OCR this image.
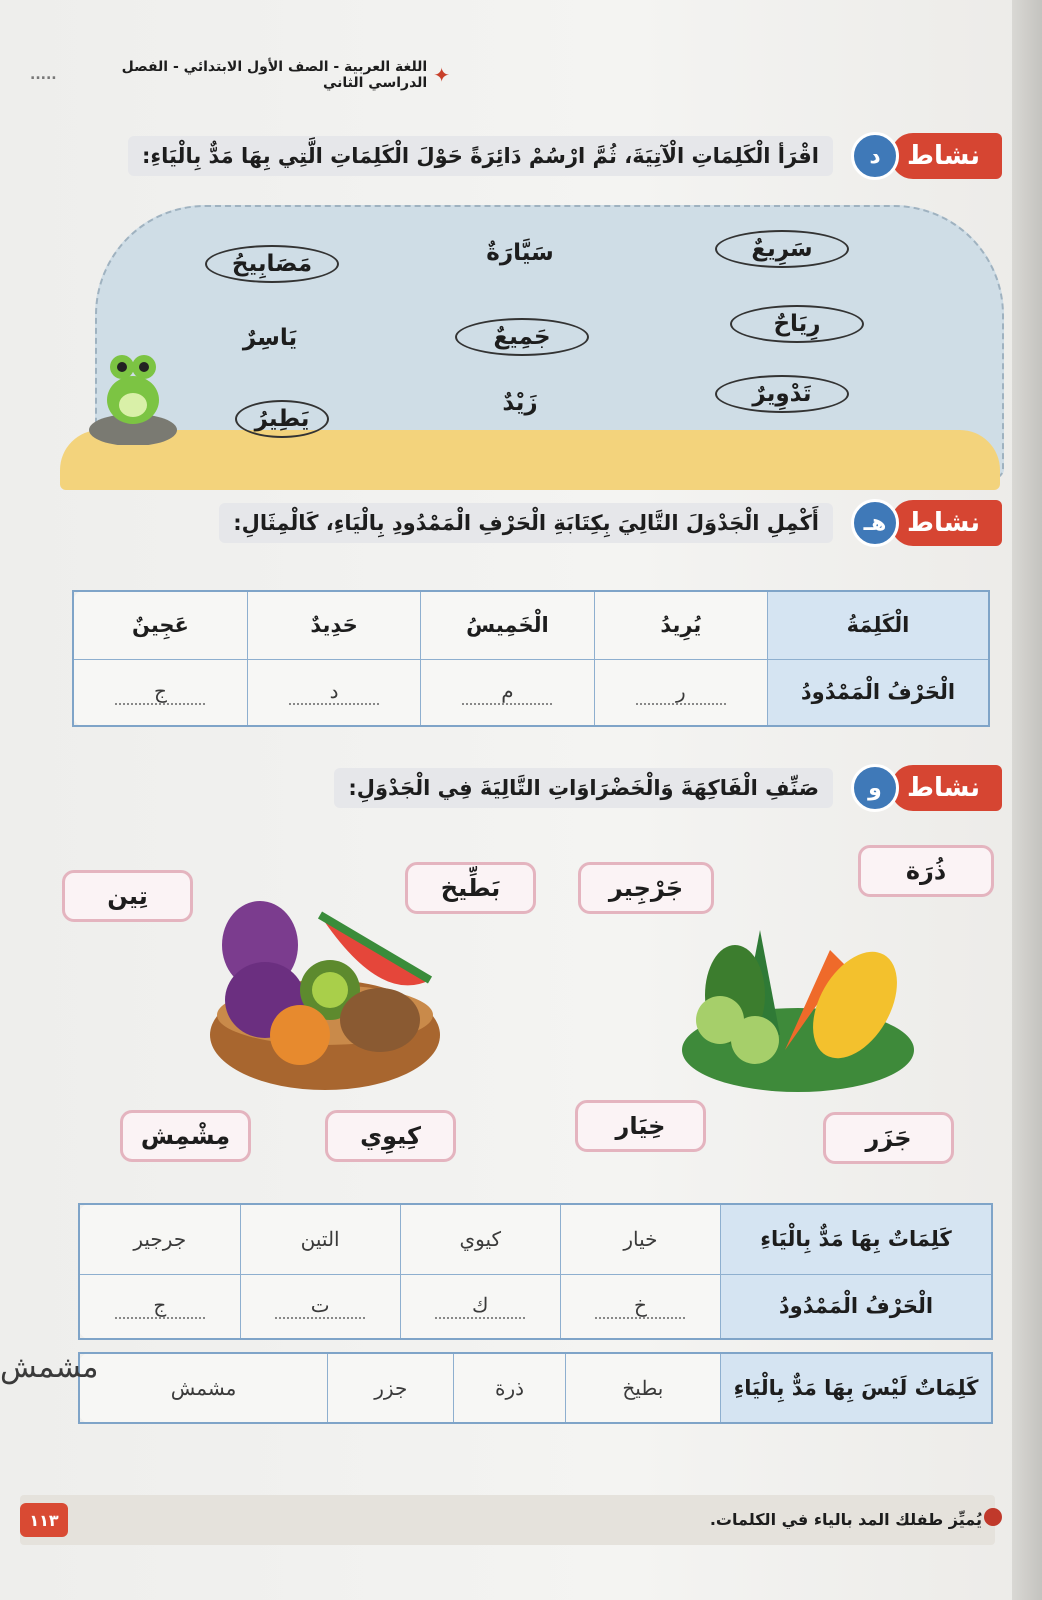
✦
اللغة العربية - الصف الأول الابتدائي - الفصل الدراسي الثاني
.....
نشاط
د
اقْرَأ الْكَلِمَاتِ الْآتِيَةَ، ثُمَّ ارْسُمْ دَائِرَةً حَوْلَ الْكَلِمَاتِ الَّتِي بِهَا مَدٌّ بِالْيَاءِ:
سَرِيعٌ
سَيَّارَةٌ
مَصَابِيحُ
رِيَاحٌ
جَمِيعٌ
يَاسِرٌ
تَدْوِيرٌ
زَيْدٌ
يَطِيرُ
نشاط
هـ
أَكْمِلِ الْجَدْوَلَ التَّالِيَ بِكِتَابَةِ الْحَرْفِ الْمَمْدُودِ بِالْيَاءِ، كَالْمِثَالِ:
الْكَلِمَةُ	يُرِيدُ	الْخَمِيسُ	حَدِيدٌ	عَجِينٌ
الْحَرْفُ الْمَمْدُودُ	ر	م	د	ج
نشاط
و
صَنِّفِ الْفَاكِهَةَ وَالْخَضْرَاوَاتِ التَّالِيَةَ فِي الْجَدْوَلِ:
ذُرَة
جَرْجِير
بَطِّيخ
تِين
خِيَار	جَزَر
كِيوِي
مِشْمِش
كَلِمَاتٌ بِهَا مَدٌّ بِالْيَاءِ	خيار	كيوي	التين	جرجير
الْحَرْفُ الْمَمْدُودُ	خ	ك	ت	ج
كَلِمَاتٌ لَيْسَ بِهَا مَدٌّ بِالْيَاءِ	بطيخ	ذرة	جزر	مشمش
مشمش
١١٣	يُميِّز طفلك المد بالياء في الكلمات.
